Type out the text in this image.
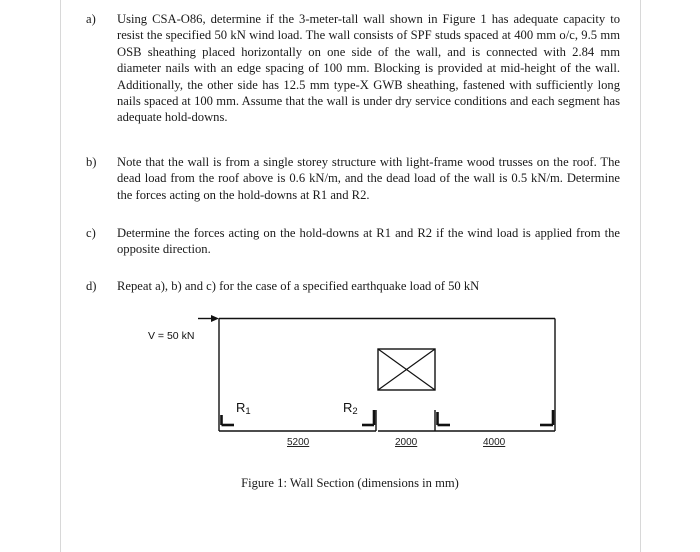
a)	Using CSA-O86, determine if the 3-meter-tall wall shown in Figure 1 has adequate capacity to resist the specified 50 kN wind load. The wall consists of SPF studs spaced at 400 mm o/c, 9.5 mm OSB sheathing placed horizontally on one side of the wall, and is connected with 2.84 mm diameter nails with an edge spacing of 100 mm. Blocking is provided at mid-height of the wall. Additionally, the other side has 12.5 mm type-X GWB sheathing, fastened with sufficiently long nails spaced at 100 mm. Assume that the wall is under dry service conditions and each segment has adequate hold-downs.
b)	Note that the wall is from a single storey structure with light-frame wood trusses on the roof. The dead load from the roof above is 0.6 kN/m, and the dead load of the wall is 0.5 kN/m. Determine the forces acting on the hold-downs at R1 and R2.
c)	Determine the forces acting on the hold-downs at R1 and R2 if the wind load is applied from the opposite direction.
d)	Repeat a), b) and c) for the case of a specified earthquake load of 50 kN
V = 50 kN
R1	R2
5200	2000	4000
Figure 1: Wall Section (dimensions in mm)
